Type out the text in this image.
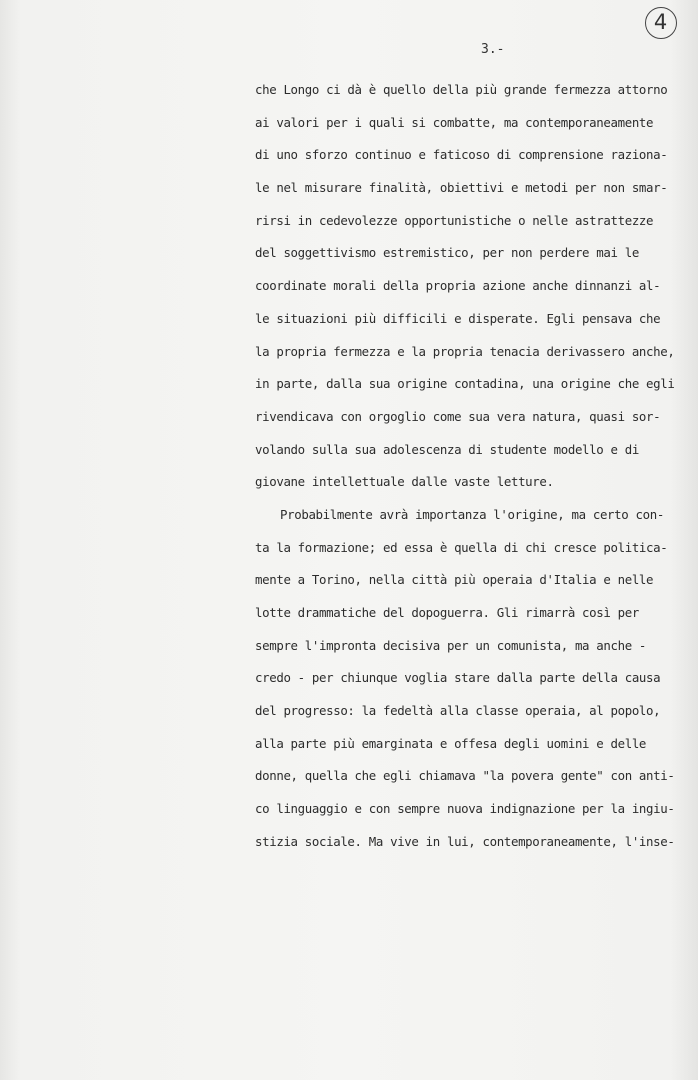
4
3.-
che Longo ci dà è quello della più grande fermezza attorno
ai valori per i quali si combatte, ma contemporaneamente
di uno sforzo continuo e faticoso di comprensione raziona-
le nel misurare finalità, obiettivi e metodi per non smar-
rirsi in cedevolezze opportunistiche o nelle astrattezze
del soggettivismo estremistico, per non perdere mai le
coordinate morali della propria azione anche dinnanzi al-
le situazioni più difficili e disperate. Egli pensava che
la propria fermezza e la propria tenacia derivassero anche,
in parte, dalla sua origine contadina, una origine che egli
rivendicava con orgoglio come sua vera natura, quasi sor-
volando sulla sua adolescenza di studente modello e di
giovane intellettuale dalle vaste letture.
Probabilmente avrà importanza l'origine, ma certo con-
ta la formazione; ed essa è quella di chi cresce politica-
mente a Torino, nella città più operaia d'Italia e nelle
lotte drammatiche del dopoguerra. Gli rimarrà così per
sempre l'impronta decisiva per un comunista, ma anche -
credo - per chiunque voglia stare dalla parte della causa
del progresso: la fedeltà alla classe operaia, al popolo,
alla parte più emarginata e offesa degli uomini e delle
donne, quella che egli chiamava "la povera gente" con anti-
co linguaggio e con sempre nuova indignazione per la ingiu-
stizia sociale. Ma vive in lui, contemporaneamente, l'inse-
